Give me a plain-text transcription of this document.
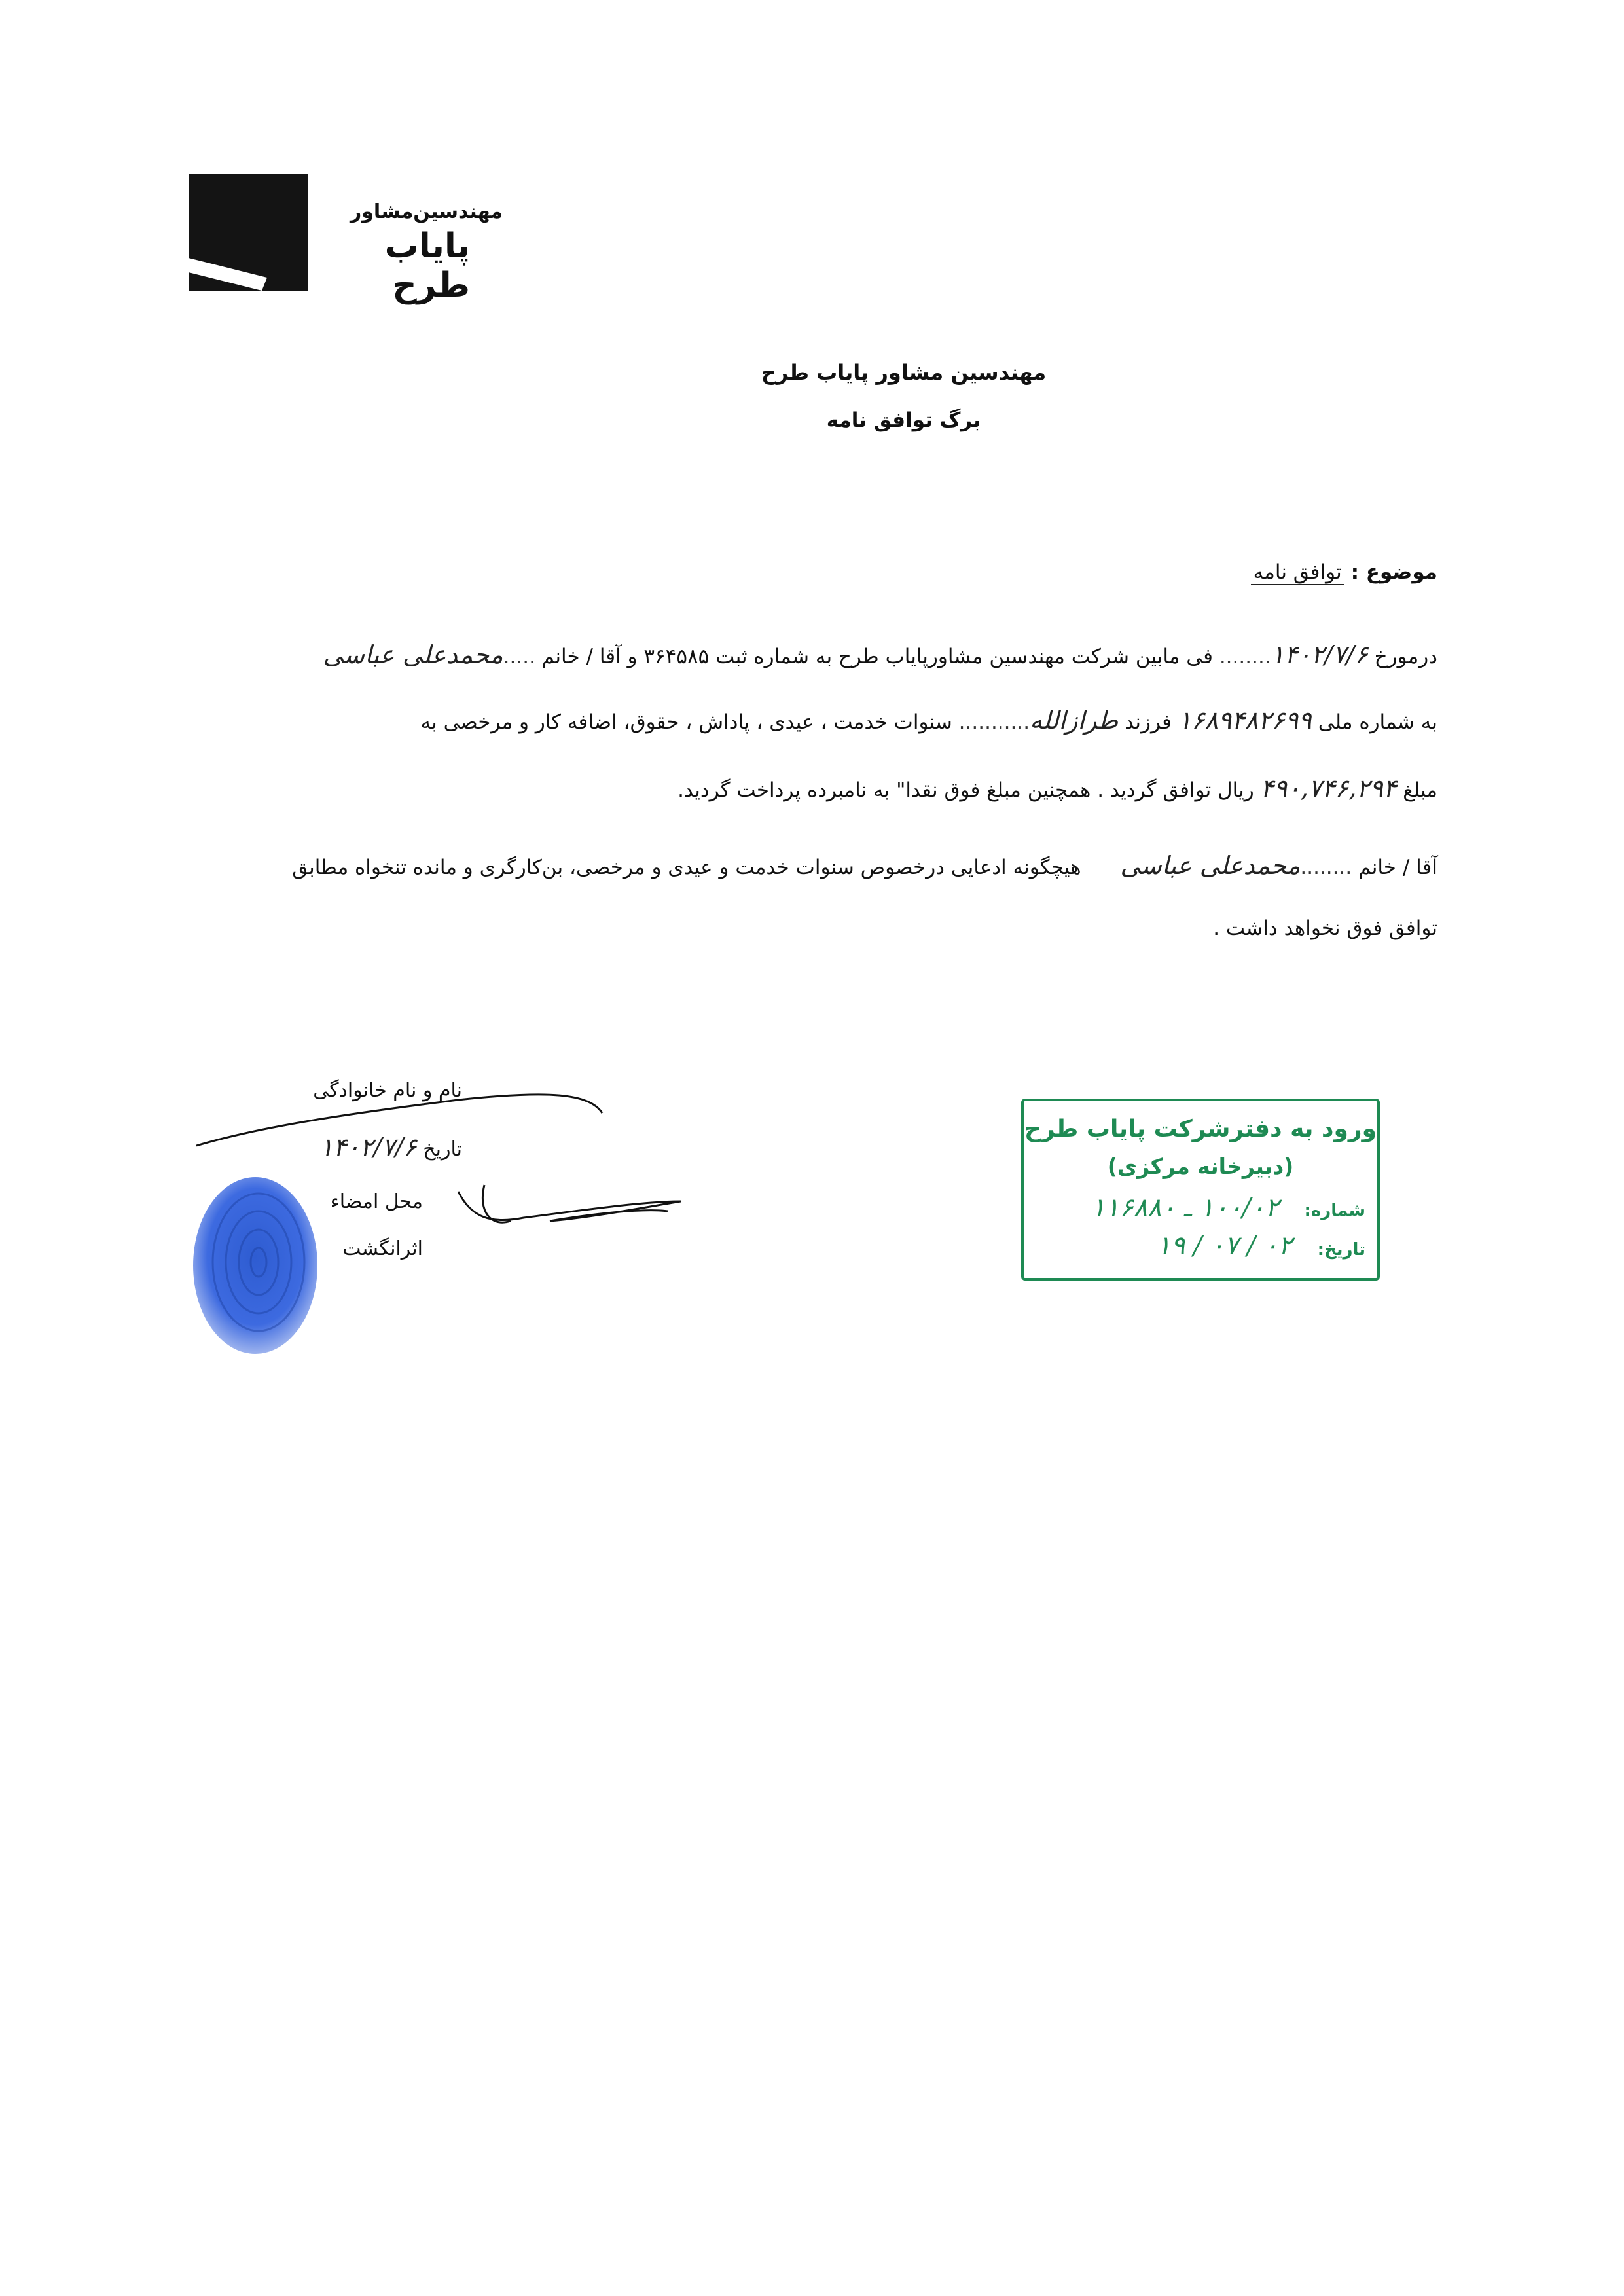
مهندسین‌مشاور
پایاب طرح
مهندسین مشاور پایاب طرح
برگ توافق نامه
موضوع : توافق نامه
درمورخ ۱۴۰۲/۷/۶........ فی مابین شرکت مهندسین مشاورپایاب طرح به شماره ثبت ۳۶۴۵۸۵ و آقا / خانم .....محمدعلی عباسی
به شماره ملی ۱۶۸۹۴۸۲۶۹۹ فرزند طرازالله........... سنوات خدمت ، عیدی ، پاداش ، حقوق، اضافه کار و مرخصی به
مبلغ ۴۹۰,۷۴۶,۲۹۴ ریال توافق گردید . همچنین مبلغ فوق نقدا" به نامبرده پرداخت گردید.
آقا / خانم ........محمدعلی عباسی  هیچگونه ادعایی درخصوص سنوات خدمت و عیدی و مرخصی، بن‌کارگری و مانده تنخواه مطابق
توافق فوق نخواهد داشت .
نام و نام خانوادگی
تاریخ ۱۴۰۲/۷/۶
محل امضاء
اثرانگشت
ورود به دفترشرکت پایاب طرح
(دبیرخانه مرکزی)
شماره:
۱۰۰/۰۲ ـ ۱۱۶۸۸۰
تاریخ:
۱۹ / ۰۷ / ۰۲
